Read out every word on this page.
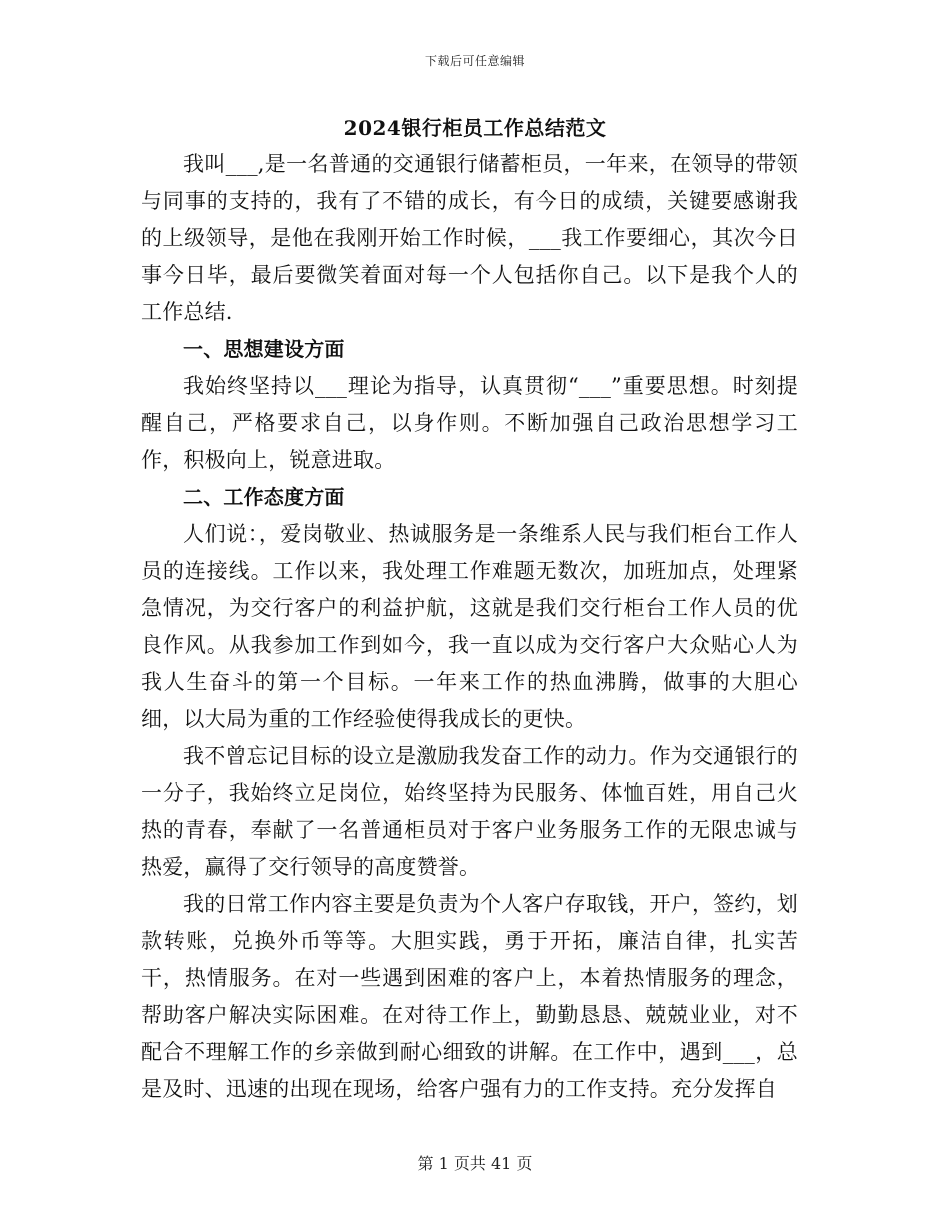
下载后可任意编辑
2024银行柜员工作总结范文

我叫___,是一名普通的交通银行储蓄柜员，一年来，在领导的带领与同事的支持的，我有了不错的成长，有今日的成绩，关键要感谢我的上级领导，是他在我刚开始工作时候，___我工作要细心，其次今日事今日毕，最后要微笑着面对每一个人包括你自己。以下是我个人的工作总结.

一、思想建设方面

我始终坚持以___理论为指导，认真贯彻“___”重要思想。时刻提醒自己，严格要求自己，以身作则。不断加强自己政治思想学习工作，积极向上，锐意进取。

二、工作态度方面

人们说：，爱岗敬业、热诚服务是一条维系人民与我们柜台工作人员的连接线。工作以来，我处理工作难题无数次，加班加点，处理紧急情况，为交行客户的利益护航，这就是我们交行柜台工作人员的优良作风。从我参加工作到如今，我一直以成为交行客户大众贴心人为我人生奋斗的第一个目标。一年来工作的热血沸腾，做事的大胆心细，以大局为重的工作经验使得我成长的更快。

我不曾忘记目标的设立是激励我发奋工作的动力。作为交通银行的一分子，我始终立足岗位，始终坚持为民服务、体恤百姓，用自己火热的青春，奉献了一名普通柜员对于客户业务服务工作的无限忠诚与热爱，赢得了交行领导的高度赞誉。

我的日常工作内容主要是负责为个人客户存取钱，开户，签约，划款转账，兑换外币等等。大胆实践，勇于开拓，廉洁自律，扎实苦干，热情服务。在对一些遇到困难的客户上，本着热情服务的理念，帮助客户解决实际困难。在对待工作上，勤勤恳恳、兢兢业业，对不配合不理解工作的乡亲做到耐心细致的讲解。在工作中，遇到___，总是及时、迅速的出现在现场，给客户强有力的工作支持。充分发挥自

第 1 页共 41 页
